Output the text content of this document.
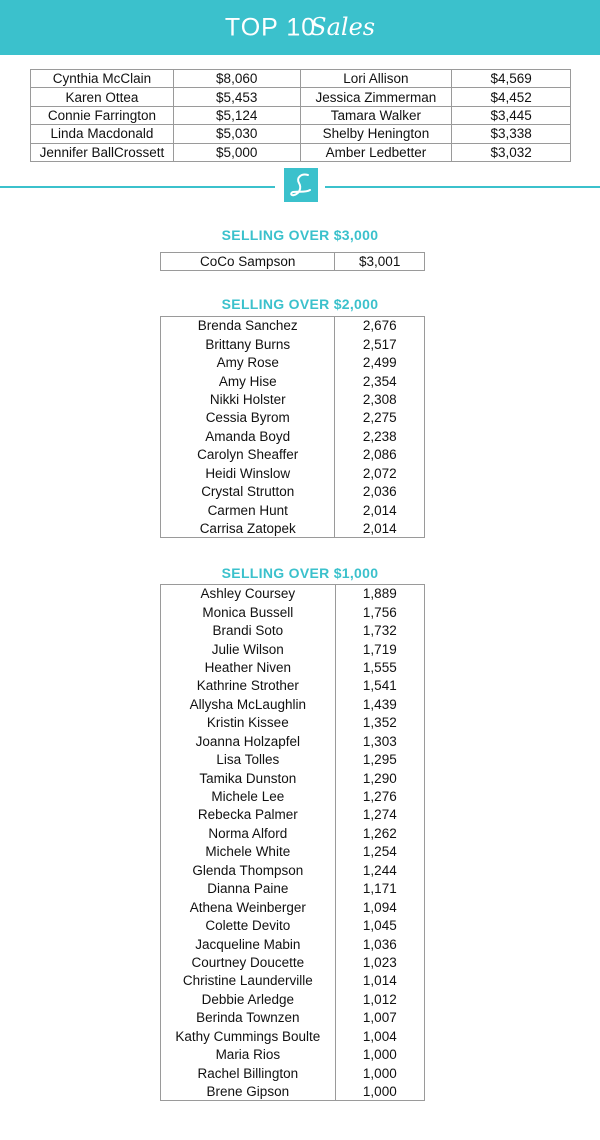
TOP 10Sales
Cynthia McClain	$8,060	Lori Allison	$4,569
Karen Ottea	$5,453	Jessica Zimmerman	$4,452
Connie Farrington	$5,124	Tamara Walker	$3,445
Linda Macdonald	$5,030	Shelby Henington	$3,338
Jennifer BallCrossett	$5,000	Amber Ledbetter	$3,032
SELLING OVER $3,000
CoCo Sampson	$3,001
SELLING OVER $2,000
Brenda Sanchez	2,676
Brittany Burns	2,517
Amy Rose	2,499
Amy Hise	2,354
Nikki Holster	2,308
Cessia Byrom	2,275
Amanda Boyd	2,238
Carolyn Sheaffer	2,086
Heidi Winslow	2,072
Crystal Strutton	2,036
Carmen Hunt	2,014
Carrisa Zatopek	2,014
SELLING OVER $1,000
Ashley Coursey	1,889
Monica Bussell	1,756
Brandi Soto	1,732
Julie Wilson	1,719
Heather Niven	1,555
Kathrine Strother	1,541
Allysha McLaughlin	1,439
Kristin Kissee	1,352
Joanna Holzapfel	1,303
Lisa Tolles	1,295
Tamika Dunston	1,290
Michele Lee	1,276
Rebecka Palmer	1,274
Norma Alford	1,262
Michele White	1,254
Glenda Thompson	1,244
Dianna Paine	1,171
Athena Weinberger	1,094
Colette Devito	1,045
Jacqueline Mabin	1,036
Courtney Doucette	1,023
Christine Launderville	1,014
Debbie Arledge	1,012
Berinda Townzen	1,007
Kathy Cummings Boulte	1,004
Maria Rios	1,000
Rachel Billington	1,000
Brene Gipson	1,000
